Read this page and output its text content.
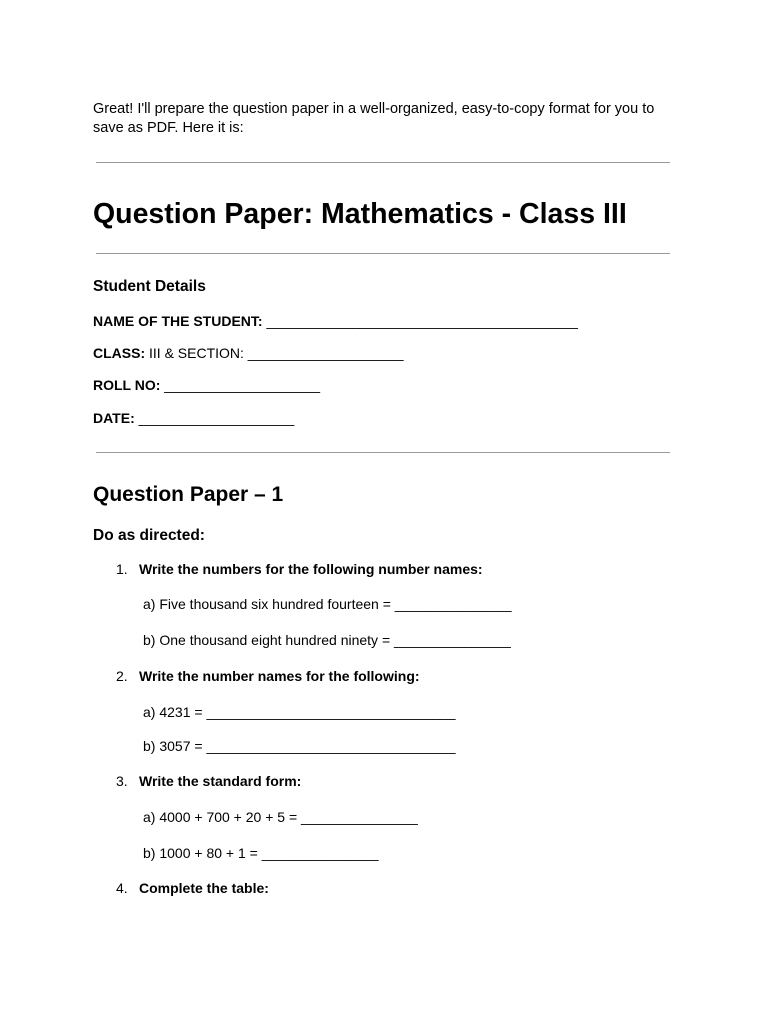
Great! I'll prepare the question paper in a well-organized, easy-to-copy format for you to save as PDF. Here it is:
Question Paper: Mathematics - Class III
Student Details
NAME OF THE STUDENT: ________________________________________
CLASS: III & SECTION: ____________________
ROLL NO: ____________________
DATE: ____________________
Question Paper – 1
Do as directed:
1. Write the numbers for the following number names:
a) Five thousand six hundred fourteen = _______________
b) One thousand eight hundred ninety = _______________
2. Write the number names for the following:
a) 4231 = ________________________________
b) 3057 = ________________________________
3. Write the standard form:
a) 4000 + 700 + 20 + 5 = _______________
b) 1000 + 80 + 1 = _______________
4. Complete the table:
